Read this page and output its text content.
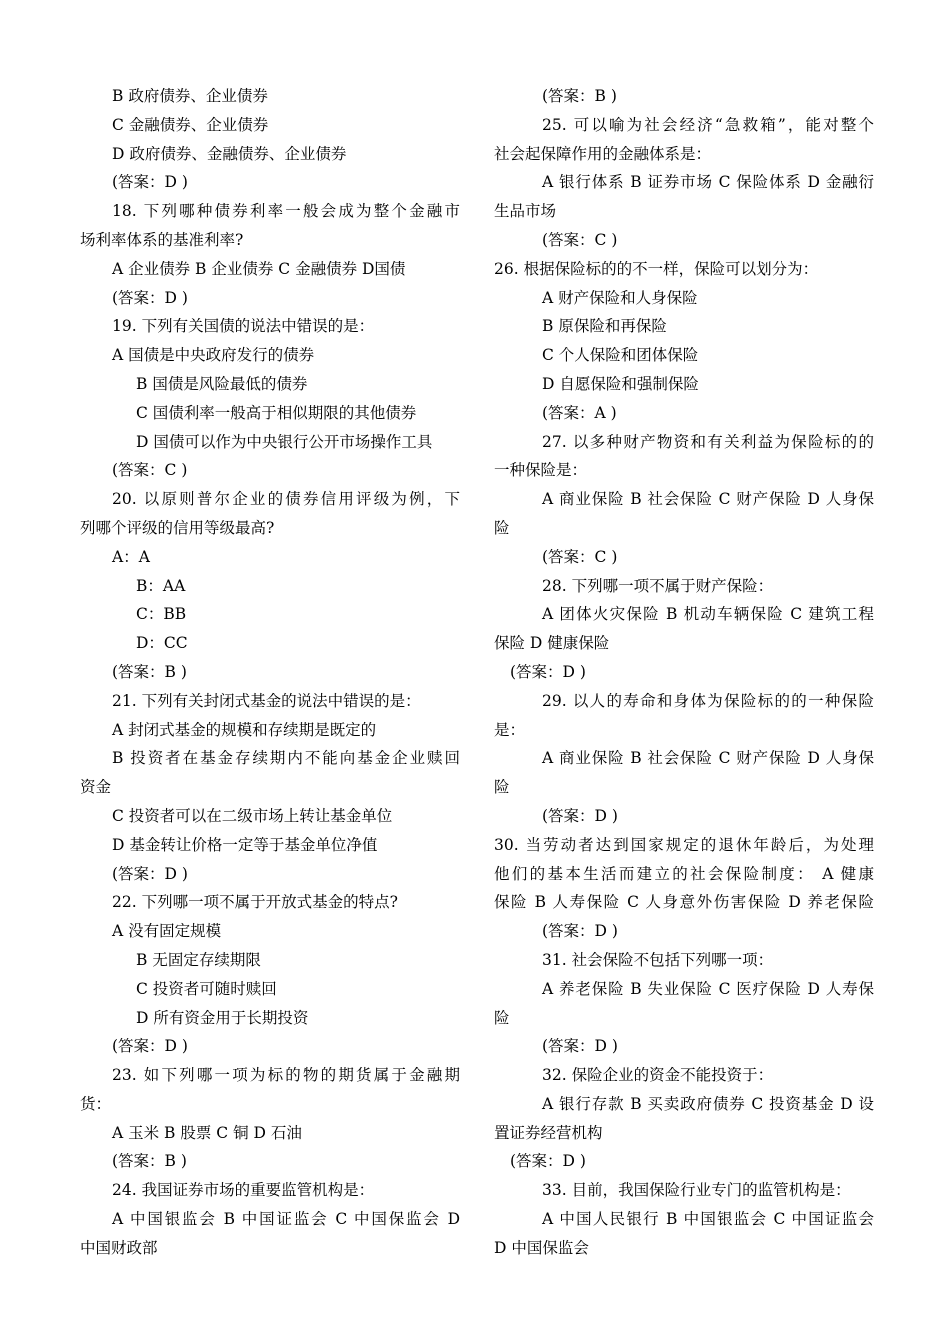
B 政府债券、企业债券
C 金融债券、企业债券
D 政府债券、金融债券、企业债券
(答案：D )
18. 下列哪种债券利率一般会成为整个金融市
场利率体系的基准利率?
A 企业债券 B 企业债券 C 金融债券 D国债
(答案：D )
19. 下列有关国债的说法中错误的是：
A 国债是中央政府发行的债券
B 国债是风险最低的债券
C 国债利率一般高于相似期限的其他债券
D 国债可以作为中央银行公开市场操作工具
(答案：C )
20. 以原则普尔企业的债券信用评级为例，下
列哪个评级的信用等级最高?
A：A
B：AA
C：BB
D：CC
(答案：B )
21. 下列有关封闭式基金的说法中错误的是：
A 封闭式基金的规模和存续期是既定的
B 投资者在基金存续期内不能向基金企业赎回
资金
C 投资者可以在二级市场上转让基金单位
D 基金转让价格一定等于基金单位净值
(答案：D )
22. 下列哪一项不属于开放式基金的特点?
A 没有固定规模
B 无固定存续期限
C 投资者可随时赎回
D 所有资金用于长期投资
(答案：D )
23. 如下列哪一项为标的物的期货属于金融期
货：
A 玉米 B 股票 C 铜 D 石油
(答案：B )
24. 我国证券市场的重要监管机构是：
A 中国银监会 B 中国证监会 C 中国保监会 D
中国财政部
(答案：B )
25. 可以喻为社会经济“急救箱”，能对整个
社会起保障作用的金融体系是：
A 银行体系 B 证券市场 C 保险体系 D 金融衍
生品市场
(答案：C )
26. 根据保险标的的不一样，保险可以划分为：
A 财产保险和人身保险
B 原保险和再保险
C 个人保险和团体保险
D 自愿保险和强制保险
(答案：A )
27. 以多种财产物资和有关利益为保险标的的
一种保险是：
A 商业保险 B 社会保险 C 财产保险 D 人身保
险
(答案：C )
28. 下列哪一项不属于财产保险：
A 团体火灾保险 B 机动车辆保险 C 建筑工程
保险 D 健康保险
(答案：D )
29. 以人的寿命和身体为保险标的的一种保险
是：
A 商业保险 B 社会保险 C 财产保险 D 人身保
险
(答案：D )
30. 当劳动者达到国家规定的退休年龄后，为处理
他们的基本生活而建立的社会保险制度： A 健康
保险 B 人寿保险 C 人身意外伤害保险 D 养老保险
(答案：D )
31. 社会保险不包括下列哪一项：
A 养老保险 B 失业保险 C 医疗保险 D 人寿保
险
(答案：D )
32. 保险企业的资金不能投资于：
A 银行存款 B 买卖政府债券 C 投资基金 D 设
置证券经营机构
(答案：D )
33. 目前，我国保险行业专门的监管机构是：
A 中国人民银行 B 中国银监会 C 中国证监会
D 中国保监会
